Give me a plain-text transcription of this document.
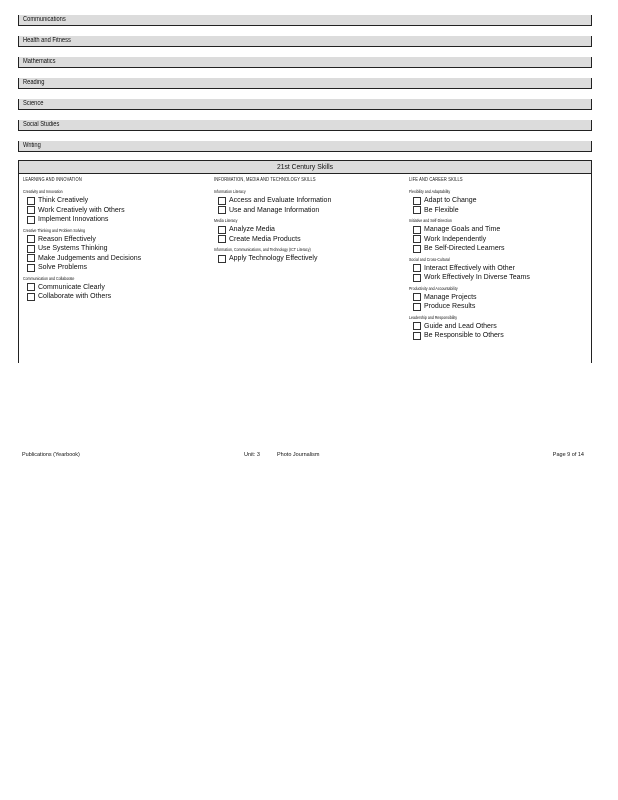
Communications
Health and Fitness
Mathematics
Reading
Science
Social Studies
Writing
21st Century Skills
LEARNING AND INNOVATION
Creativity and Innovation
Think Creatively
Work Creatively with Others
Implement Innovations
Creative Thinking and Problem Solving
Reason Effectively
Use Systems Thinking
Make Judgements and Decisions
Solve Problems
Communication and Collaborate
Communicate Clearly
Collaborate with Others
INFORMATION, MEDIA AND TECHNOLOGY SKILLS
Information Literacy
Access and Evaluate Information
Use and Manage Information
Media Literacy
Analyze Media
Create Media Products
Information, Communications, and Technology (ICT Literacy)
Apply Technology Effectively
LIFE AND CAREER SKILLS
Flexibility and Adaptability
Adapt to Change
Be Flexible
Initiative and Self-Direction
Manage Goals and Time
Work Independently
Be Self-Directed Learners
Social and Cross-Cultural
Interact Effectively with Other
Work Effectively In Diverse Teams
Productivity and Accountability
Manage Projects
Produce Results
Leadership and Responsibility
Guide and Lead Others
Be Responsible to Others
Publications (Yearbook)	Unit: 3	Photo Journalism	Page 9 of 14
